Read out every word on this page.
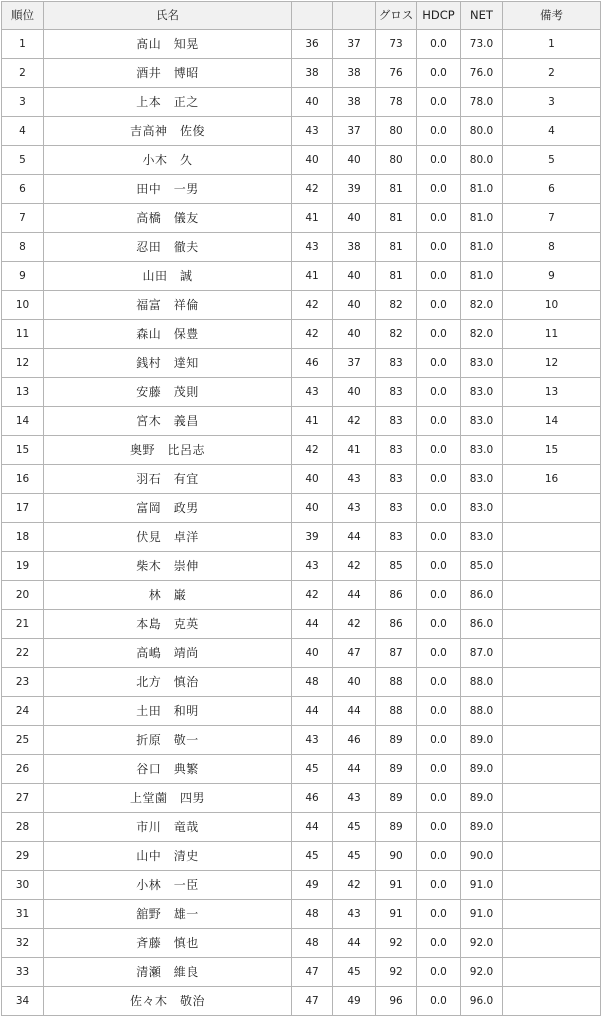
順位	氏名			グロス	HDCP	NET	備考
1	髙山　知晃	36	37	73	0.0	73.0	1
2	酒井　博昭	38	38	76	0.0	76.0	2
3	上本　正之	40	38	78	0.0	78.0	3
4	吉高神　佐俊	43	37	80	0.0	80.0	4
5	小木　久	40	40	80	0.0	80.0	5
6	田中　一男	42	39	81	0.0	81.0	6
7	高橋　儀友	41	40	81	0.0	81.0	7
8	忍田　徹夫	43	38	81	0.0	81.0	8
9	山田　誠	41	40	81	0.0	81.0	9
10	福富　祥倫	42	40	82	0.0	82.0	10
11	森山　保豊	42	40	82	0.0	82.0	11
12	銭村　達知	46	37	83	0.0	83.0	12
13	安藤　茂則	43	40	83	0.0	83.0	13
14	宮木　義昌	41	42	83	0.0	83.0	14
15	奥野　比呂志	42	41	83	0.0	83.0	15
16	羽石　有宜	40	43	83	0.0	83.0	16
17	富岡　政男	40	43	83	0.0	83.0	
18	伏見　卓洋	39	44	83	0.0	83.0	
19	柴木　崇伸	43	42	85	0.0	85.0	
20	林　巌	42	44	86	0.0	86.0	
21	本島　克英	44	42	86	0.0	86.0	
22	高嶋　靖尚	40	47	87	0.0	87.0	
23	北方　慎治	48	40	88	0.0	88.0	
24	土田　和明	44	44	88	0.0	88.0	
25	折原　敬一	43	46	89	0.0	89.0	
26	谷口　典繁	45	44	89	0.0	89.0	
27	上堂薗　四男	46	43	89	0.0	89.0	
28	市川　竜哉	44	45	89	0.0	89.0	
29	山中　清史	45	45	90	0.0	90.0	
30	小林　一臣	49	42	91	0.0	91.0	
31	舘野　雄一	48	43	91	0.0	91.0	
32	斉藤　慎也	48	44	92	0.0	92.0	
33	清瀬　維良	47	45	92	0.0	92.0	
34	佐々木　敬治	47	49	96	0.0	96.0	
